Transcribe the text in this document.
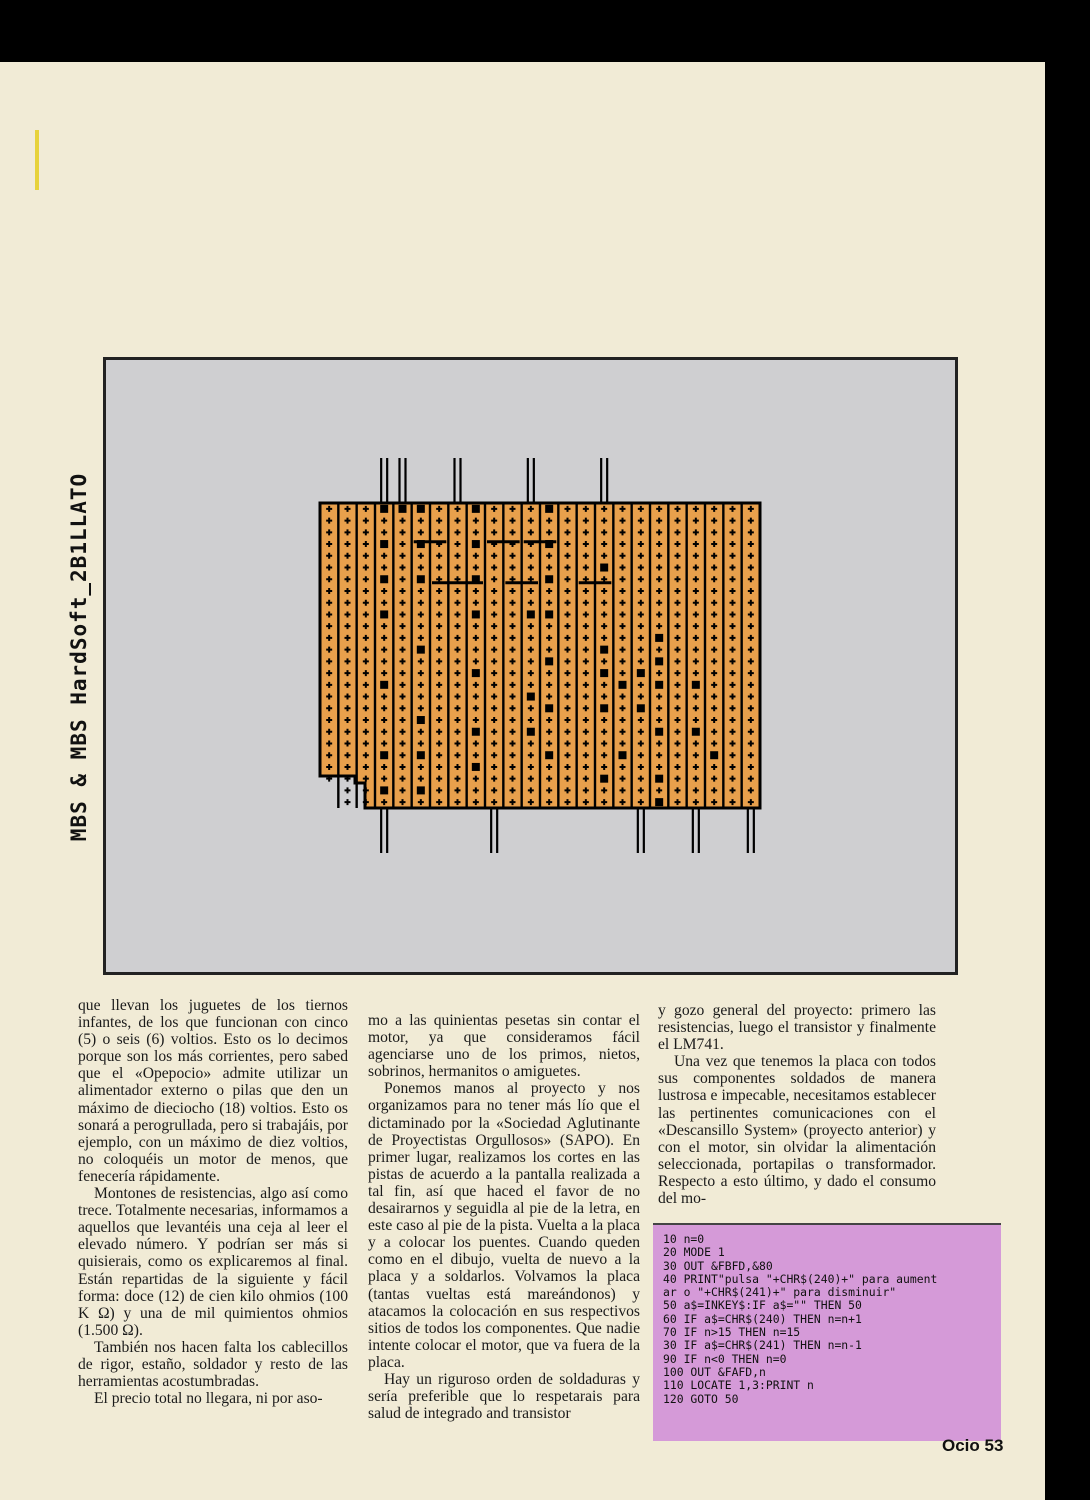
MBS & MBS HardSoft_2B1LLATO

que llevan los juguetes de los tiernos infantes, de los que funcionan con cinco (5) o seis (6) voltios. Esto os lo decimos porque son los más corrientes, pero sabed que el «Opepocio» admite utilizar un alimentador externo o pilas que den un máximo de dieciocho (18) voltios. Esto os sonará a perogrullada, pero si trabajáis, por ejemplo, con un máximo de diez voltios, no coloquéis un motor de menos, que fenecería rápidamente.

Montones de resistencias, algo así como trece. Totalmente necesarias, informamos a aquellos que levantéis una ceja al leer el elevado número. Y podrían ser más si quisierais, como os explicaremos al final. Están repartidas de la siguiente y fácil forma: doce (12) de cien kilo ohmios (100 K Ω) y una de mil quimientos ohmios (1.500 Ω).

También nos hacen falta los cablecillos de rigor, estaño, soldador y resto de las herramientas acostumbradas.

El precio total no llegara, ni por aso-

mo a las quinientas pesetas sin contar el motor, ya que consideramos fácil agenciarse uno de los primos, nietos, sobrinos, hermanitos o amiguetes.

Ponemos manos al proyecto y nos organizamos para no tener más lío que el dictaminado por la «Sociedad Aglutinante de Proyectistas Orgullosos» (SAPO). En primer lugar, realizamos los cortes en las pistas de acuerdo a la pantalla realizada a tal fin, así que haced el favor de no desairarnos y seguidla al pie de la letra, en este caso al pie de la pista. Vuelta a la placa y a colocar los puentes. Cuando queden como en el dibujo, vuelta de nuevo a la placa y a soldarlos. Volvamos la placa (tantas vueltas está mareándonos) y atacamos la colocación en sus respectivos sitios de todos los componentes. Que nadie intente colocar el motor, que va fuera de la placa.

Hay un riguroso orden de soldaduras y sería preferible que lo respetarais para salud de integrado and transistor

y gozo general del proyecto: primero las resistencias, luego el transistor y finalmente el LM741.

Una vez que tenemos la placa con todos sus componentes soldados de manera lustrosa e impecable, necesitamos establecer las pertinentes comunicaciones con el «Descansillo System» (proyecto anterior) y con el motor, sin olvidar la alimentación seleccionada, portapilas o transformador. Respecto a esto último, y dado el consumo del mo-

10 n=0
20 MODE 1
30 OUT &FBFD,&80
40 PRINT"pulsa "+CHR$(240)+" para aument
ar o "+CHR$(241)+" para disminuir"
50 a$=INKEY$:IF a$="" THEN 50
60 IF a$=CHR$(240) THEN n=n+1
70 IF n>15 THEN n=15
30 IF a$=CHR$(241) THEN n=n-1
90 IF n<0 THEN n=0
100 OUT &FAFD,n
110 LOCATE 1,3:PRINT n
120 GOTO 50

Ocio 53
